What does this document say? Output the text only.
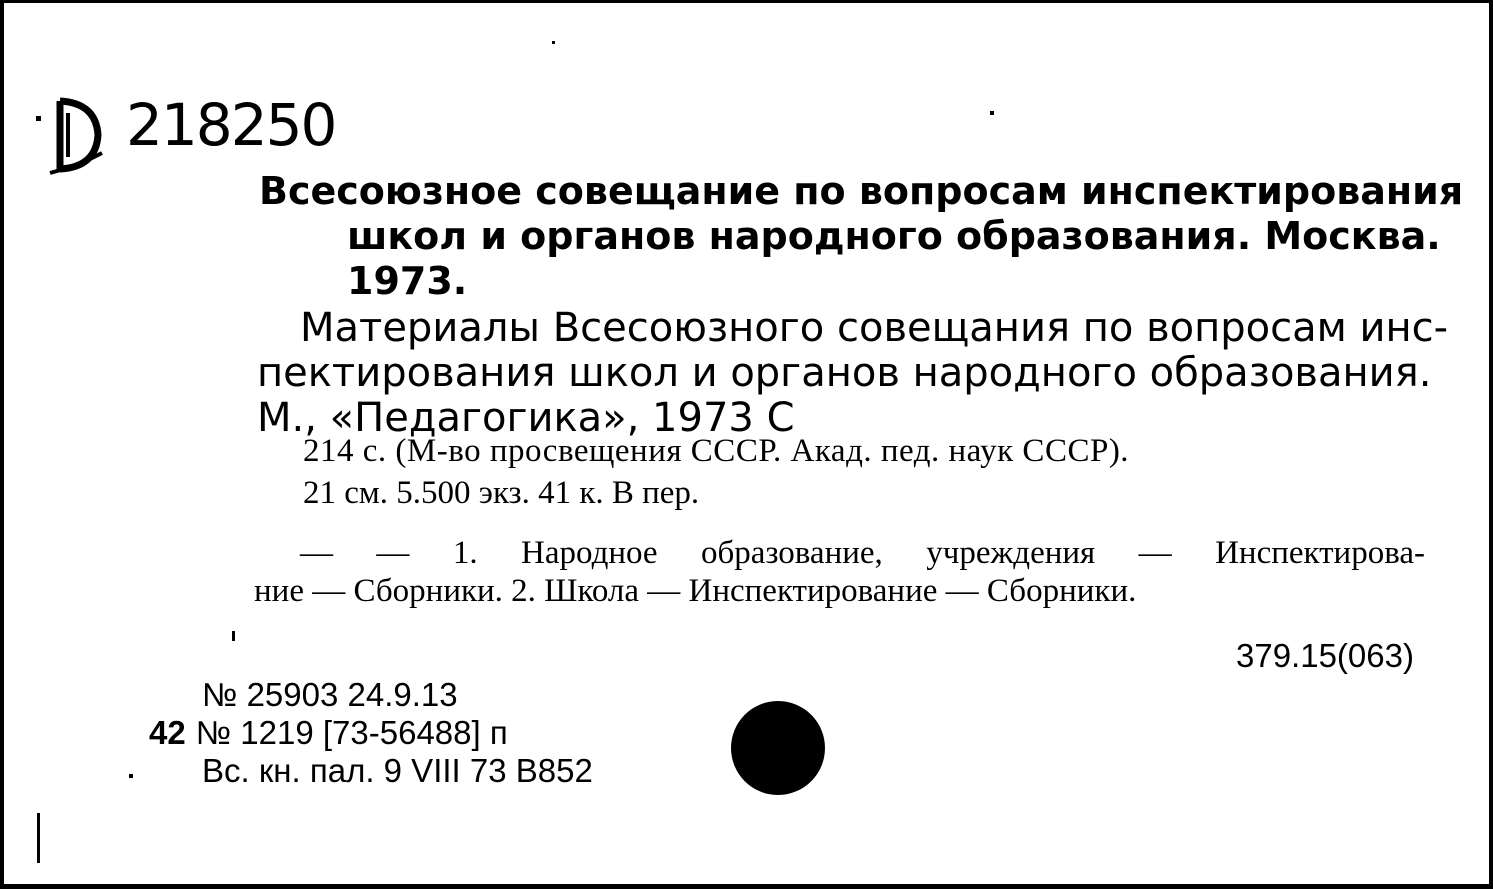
218250
Всесоюзное совещание по вопросам инспектирования
школ и органов народного образования. Москва.
1973.
Материалы Всесоюзного совещания по вопросам инс-
пектирования школ и органов народного образования.
М., «Педагогика», 1973 С
214 с. (М-во просвещения СССР. Акад. пед. наук СССР).
21 см. 5.500 экз. 41 к. В пер.
— — 1. Народное образование, учреждения — Инспектирова-
ние — Сборники. 2. Школа — Инспектирование — Сборники.
379.15(063)
№ 25903 24.9.13
42 № 1219 [73-56488] п
Вс. кн. пал. 9 VIII 73 В852
